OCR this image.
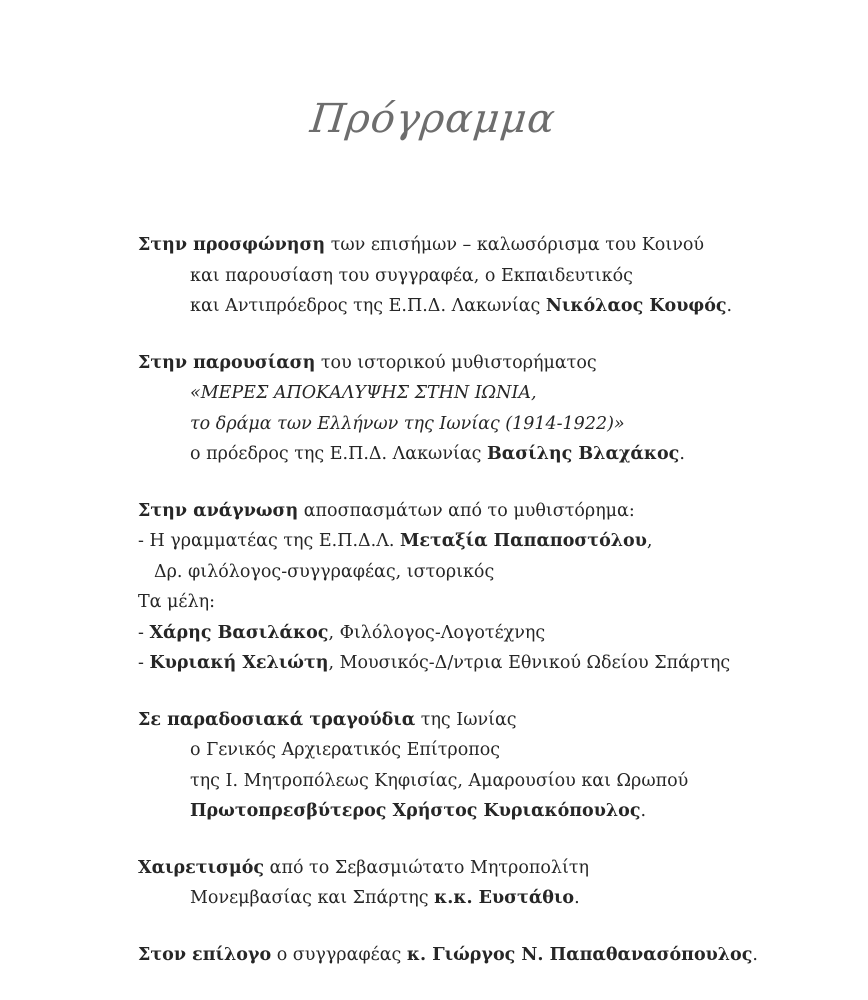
Πρόγραμμα
Στην προσφώνηση των επισήμων – καλωσόρισμα του Κοινού
και παρουσίαση του συγγραφέα, ο Εκπαιδευτικός
και Αντιπρόεδρος της Ε.Π.Δ. Λακωνίας Νικόλαος Κουφός.
Στην παρουσίαση του ιστορικού μυθιστορήματος
«ΜΕΡΕΣ ΑΠΟΚΑΛΥΨΗΣ ΣΤΗΝ ΙΩΝΙΑ,
το δράμα των Ελλήνων της Ιωνίας (1914-1922)»
ο πρόεδρος της Ε.Π.Δ. Λακωνίας Βασίλης Βλαχάκος.
Στην ανάγνωση αποσπασμάτων από το μυθιστόρημα:
- Η γραμματέας της Ε.Π.Δ.Λ. Μεταξία Παπαποστόλου,
Δρ. φιλόλογος-συγγραφέας, ιστορικός
Τα μέλη:
- Χάρης Βασιλάκος, Φιλόλογος-Λογοτέχνης
- Κυριακή Χελιώτη, Μουσικός-Δ/ντρια Εθνικού Ωδείου Σπάρτης
Σε παραδοσιακά τραγούδια της Ιωνίας
ο Γενικός Αρχιερατικός Επίτροπος
της Ι. Μητροπόλεως Κηφισίας, Αμαρουσίου και Ωρωπού
Πρωτοπρεσβύτερος Χρήστος Κυριακόπουλος.
Χαιρετισμός από το Σεβασμιώτατο Μητροπολίτη
Μονεμβασίας και Σπάρτης κ.κ. Ευστάθιο.
Στον επίλογο ο συγγραφέας κ. Γιώργος Ν. Παπαθανασόπουλος.
